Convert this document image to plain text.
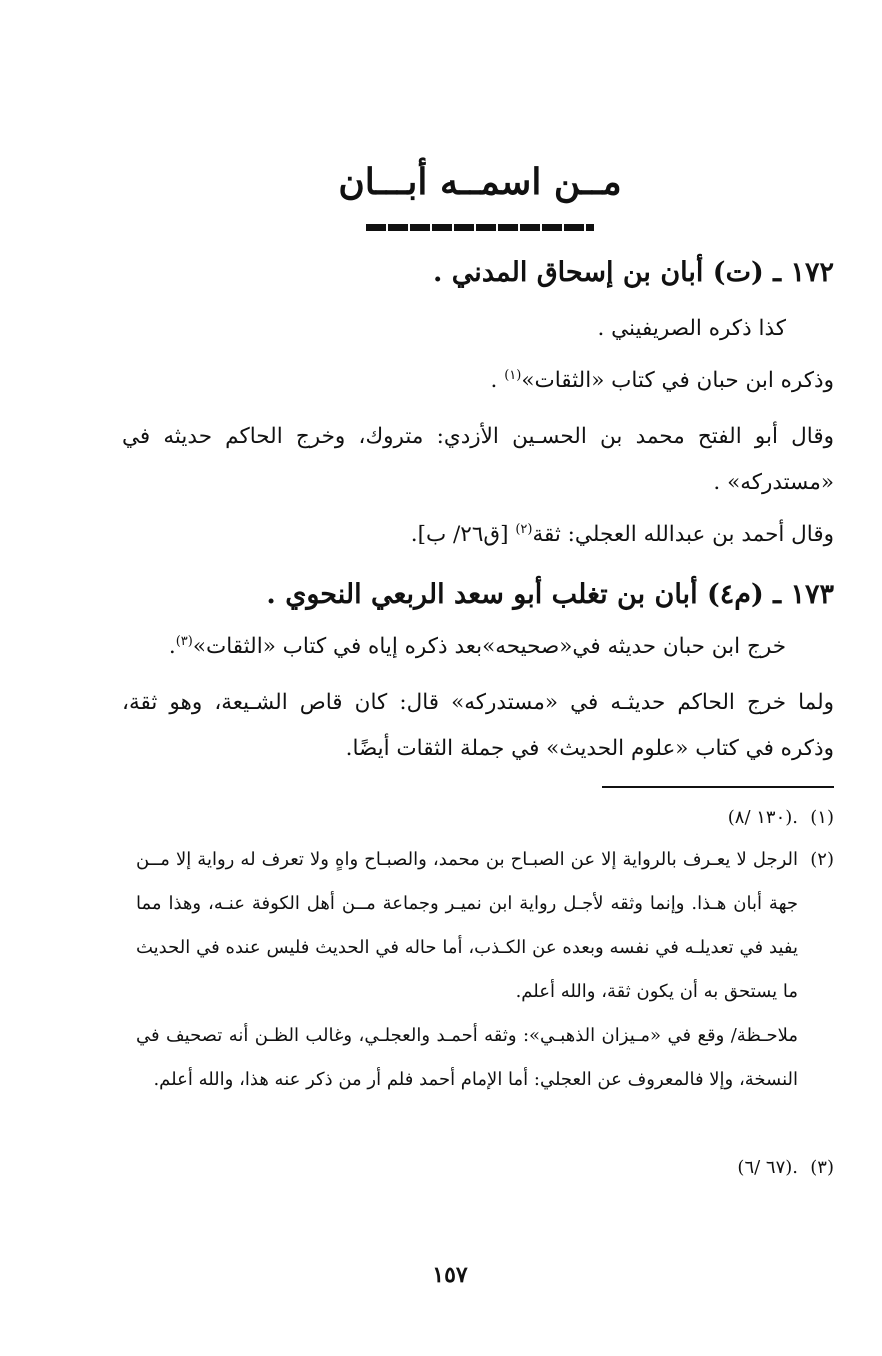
مــن اسمــه أبـــان
١٧٢ ـ (ت) أبان بن إسحاق المدني .
كذا ذكره الصريفيني .
وذكره ابن حبان في كتاب «الثقات»$^{(١)}$ .
وقال أبو الفتح محمد بن الحسـين الأزدي: متروك، وخرج الحاكم حديثه في «مستدركه» .
وقال أحمد بن عبدالله العجلي: ثقة$^{(٢)}$ [ق٢٦/ ب].
١٧٣ ـ (م٤) أبان بن تغلب أبو سعد الربعي النحوي .
خرج ابن حبان حديثه في«صحيحه»بعد ذكره إياه في كتاب «الثقات»$^{(٣)}$.
ولما خرج الحاكم حديثـه في «مستدركه» قال: كان قاص الشـيعة، وهو ثقة، وذكره في كتاب «علوم الحديث» في جملة الثقات أيضًا.
(١)

.(١٣٠ /٨)

(٢)

الرجل لا يعـرف بالرواية إلا عن الصبـاح بن محمد، والصبـاح واهٍ ولا تعرف له رواية إلا مــن جهة أبان هـذا. وإنما وثقه لأجـل رواية ابن نميـر وجماعة مــن أهل الكوفة عنـه، وهذا مما يفيد في تعديلـه في نفسه وبعده عن الكـذب، أما حاله في الحديث فليس عنده في الحديث ما يستحق به أن يكون ثقة، والله أعلم.

ملاحـظة/ وقع في «مـيزان الذهبـي»: وثقه أحمـد والعجلـي، وغالب الظـن أنه تصحيف في النسخة، وإلا فالمعروف عن العجلي: أما الإمام أحمد فلم أر من ذكر عنه هذا، والله أعلم.

(٣)

.(٦٧ /٦)

١٥٧
